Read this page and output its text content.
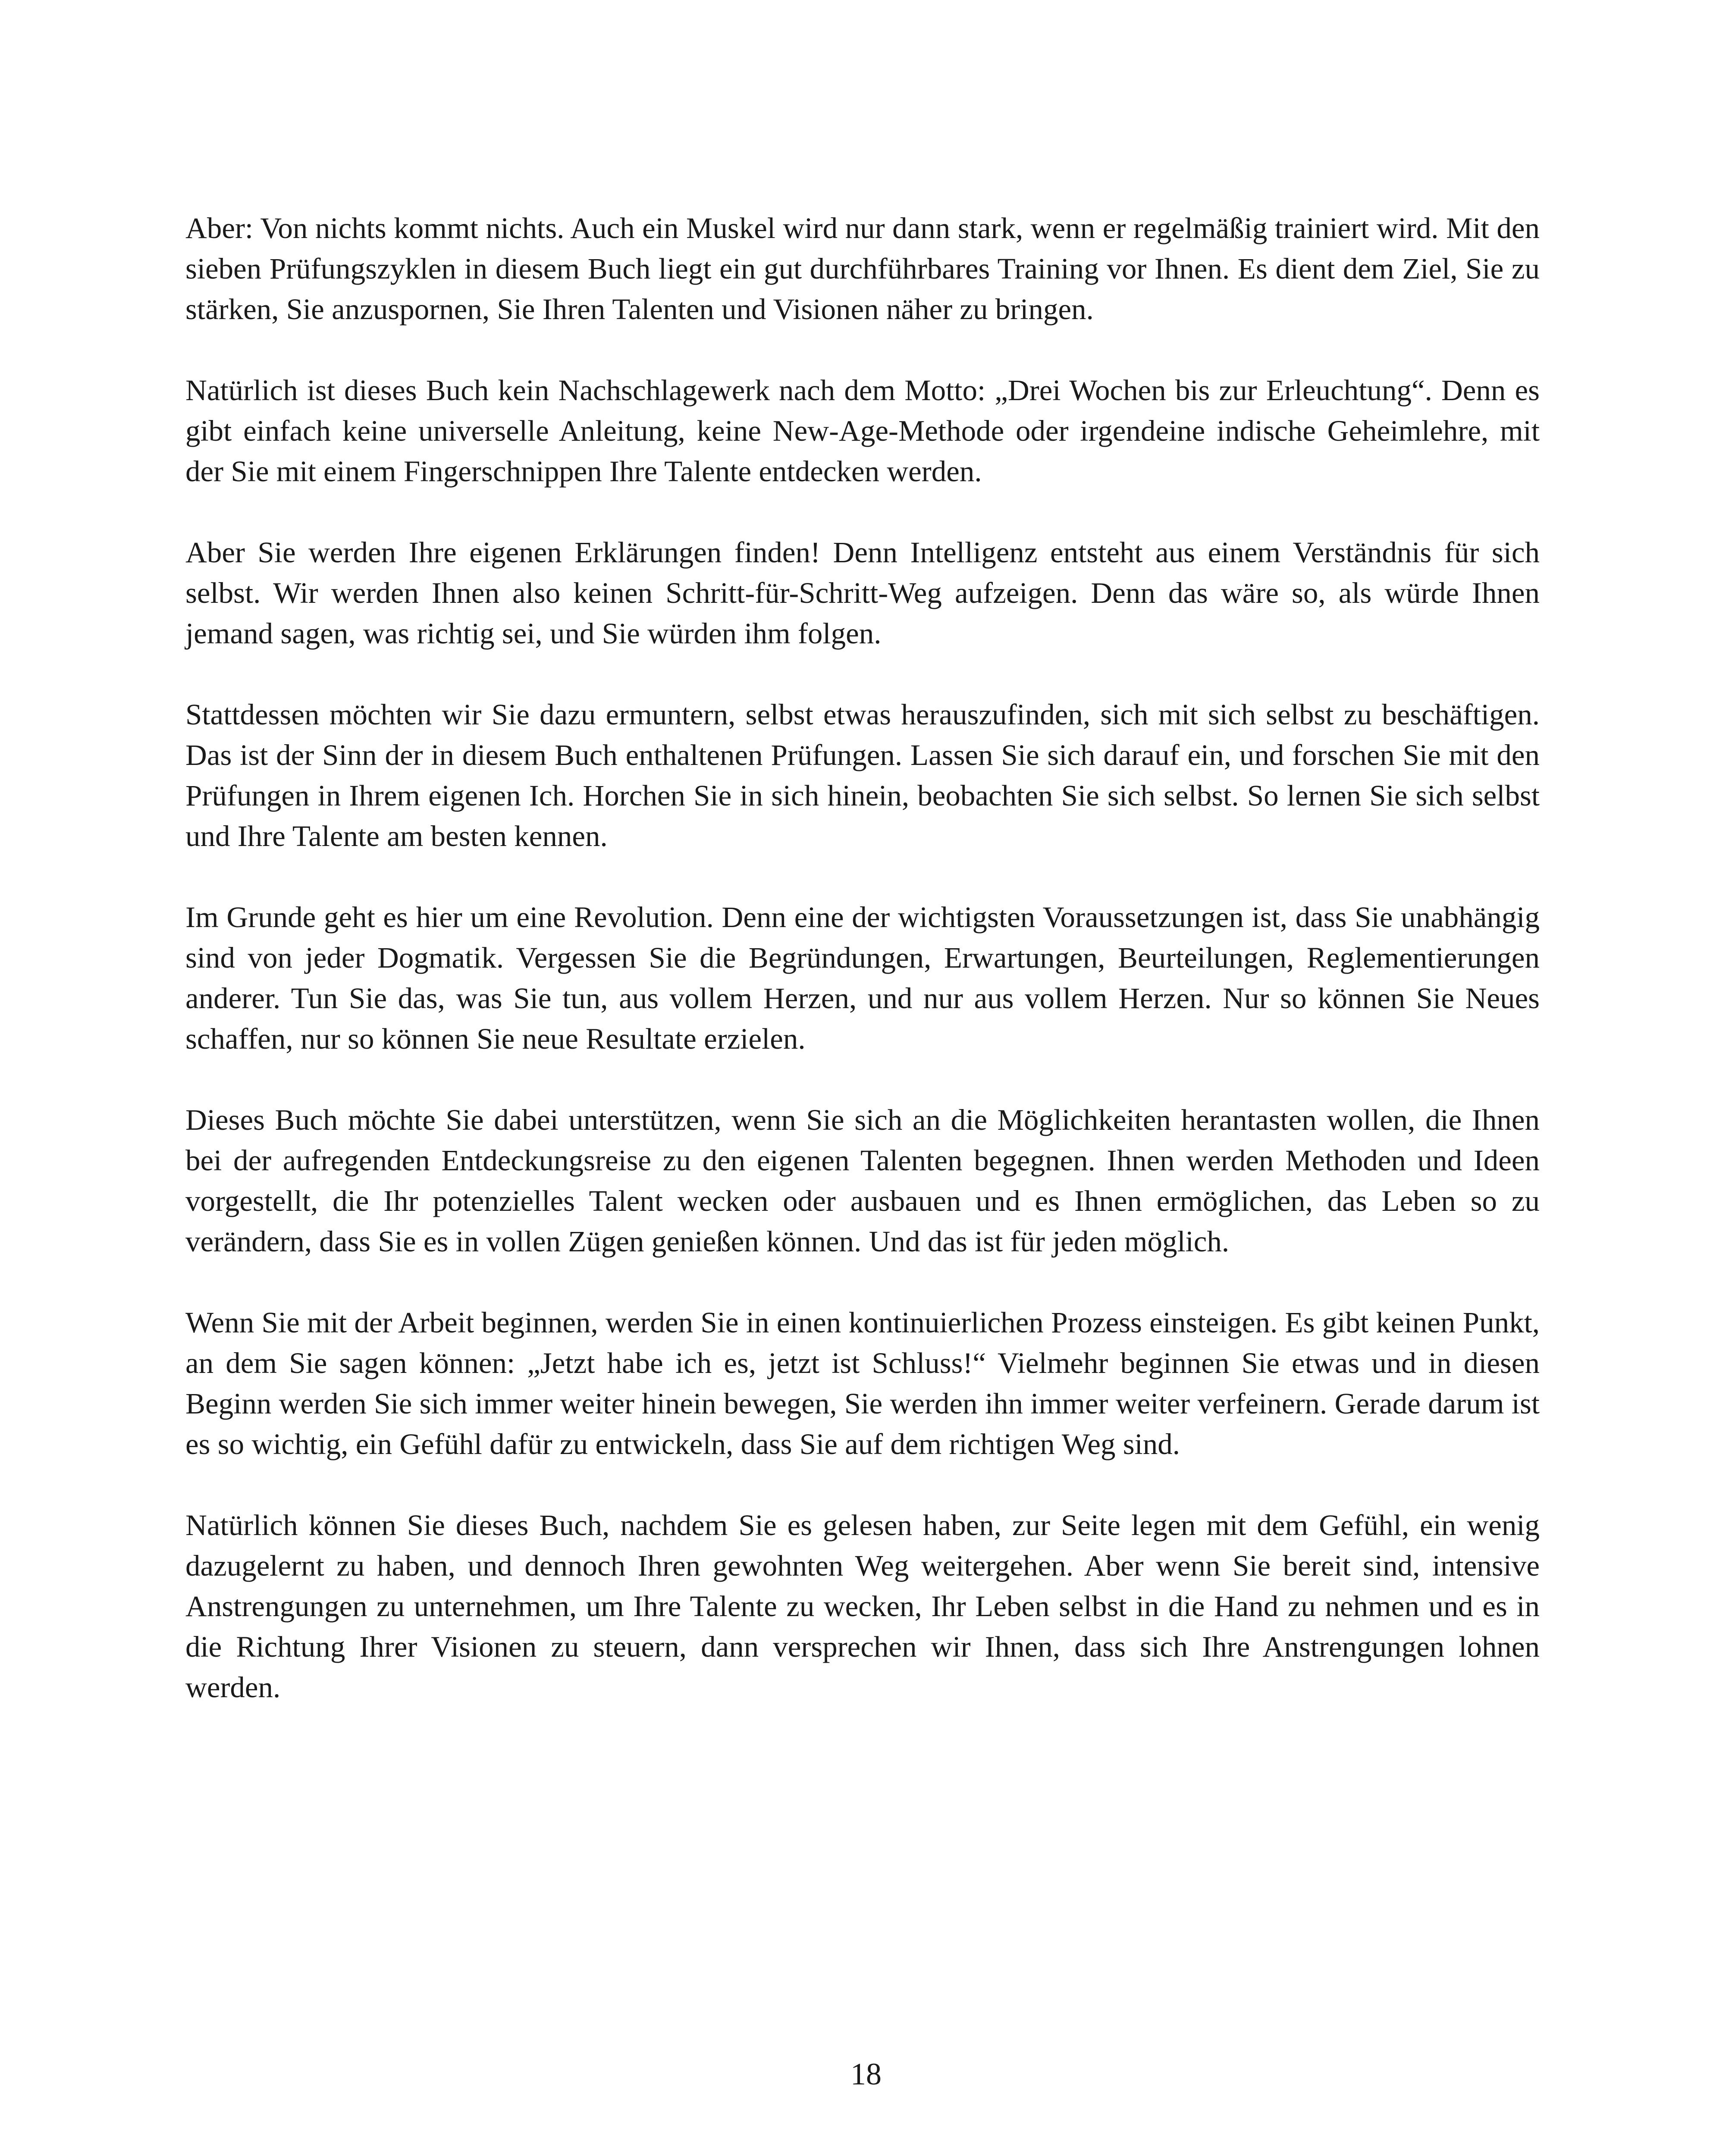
Aber: Von nichts kommt nichts. Auch ein Muskel wird nur dann stark, wenn er regelmäßig trainiert wird. Mit den sieben Prüfungszyklen in diesem Buch liegt ein gut durchführbares Training vor Ihnen. Es dient dem Ziel, Sie zu stärken, Sie anzuspornen, Sie Ihren Talenten und Visionen näher zu bringen.

Natürlich ist dieses Buch kein Nachschlagewerk nach dem Motto: „Drei Wochen bis zur Erleuchtung“. Denn es gibt einfach keine universelle Anleitung, keine New-Age-Methode oder irgendeine indische Geheimlehre, mit der Sie mit einem Fingerschnippen Ihre Talente entdecken werden.

Aber Sie werden Ihre eigenen Erklärungen finden! Denn Intelligenz entsteht aus einem Verständnis für sich selbst. Wir werden Ihnen also keinen Schritt-für-Schritt-Weg aufzeigen. Denn das wäre so, als würde Ihnen jemand sagen, was richtig sei, und Sie würden ihm folgen.

Stattdessen möchten wir Sie dazu ermuntern, selbst etwas herauszufinden, sich mit sich selbst zu beschäftigen. Das ist der Sinn der in diesem Buch enthaltenen Prüfungen. Lassen Sie sich darauf ein, und forschen Sie mit den Prüfungen in Ihrem eigenen Ich. Horchen Sie in sich hinein, beobachten Sie sich selbst. So lernen Sie sich selbst und Ihre Talente am besten kennen.

Im Grunde geht es hier um eine Revolution. Denn eine der wichtigsten Voraussetzungen ist, dass Sie unabhängig sind von jeder Dogmatik. Vergessen Sie die Begründungen, Erwartungen, Beurteilungen, Reglementierungen anderer. Tun Sie das, was Sie tun, aus vollem Herzen, und nur aus vollem Herzen. Nur so können Sie Neues schaffen, nur so können Sie neue Resultate erzielen.

Dieses Buch möchte Sie dabei unterstützen, wenn Sie sich an die Möglichkeiten herantasten wollen, die Ihnen bei der aufregenden Entdeckungsreise zu den eigenen Talenten begegnen. Ihnen werden Methoden und Ideen vorgestellt, die Ihr potenzielles Talent wecken oder ausbauen und es Ihnen ermöglichen, das Leben so zu verändern, dass Sie es in vollen Zügen genießen können. Und das ist für jeden möglich.

Wenn Sie mit der Arbeit beginnen, werden Sie in einen kontinuierlichen Prozess einsteigen. Es gibt keinen Punkt, an dem Sie sagen können: „Jetzt habe ich es, jetzt ist Schluss!“ Vielmehr beginnen Sie etwas und in diesen Beginn werden Sie sich immer weiter hinein bewegen, Sie werden ihn immer weiter verfeinern. Gerade darum ist es so wichtig, ein Gefühl dafür zu entwickeln, dass Sie auf dem richtigen Weg sind.

Natürlich können Sie dieses Buch, nachdem Sie es gelesen haben, zur Seite legen mit dem Gefühl, ein wenig dazugelernt zu haben, und dennoch Ihren gewohnten Weg weitergehen. Aber wenn Sie bereit sind, intensive Anstrengungen zu unternehmen, um Ihre Talente zu wecken, Ihr Leben selbst in die Hand zu nehmen und es in die Richtung Ihrer Visionen zu steuern, dann versprechen wir Ihnen, dass sich Ihre Anstrengungen lohnen werden.

18
